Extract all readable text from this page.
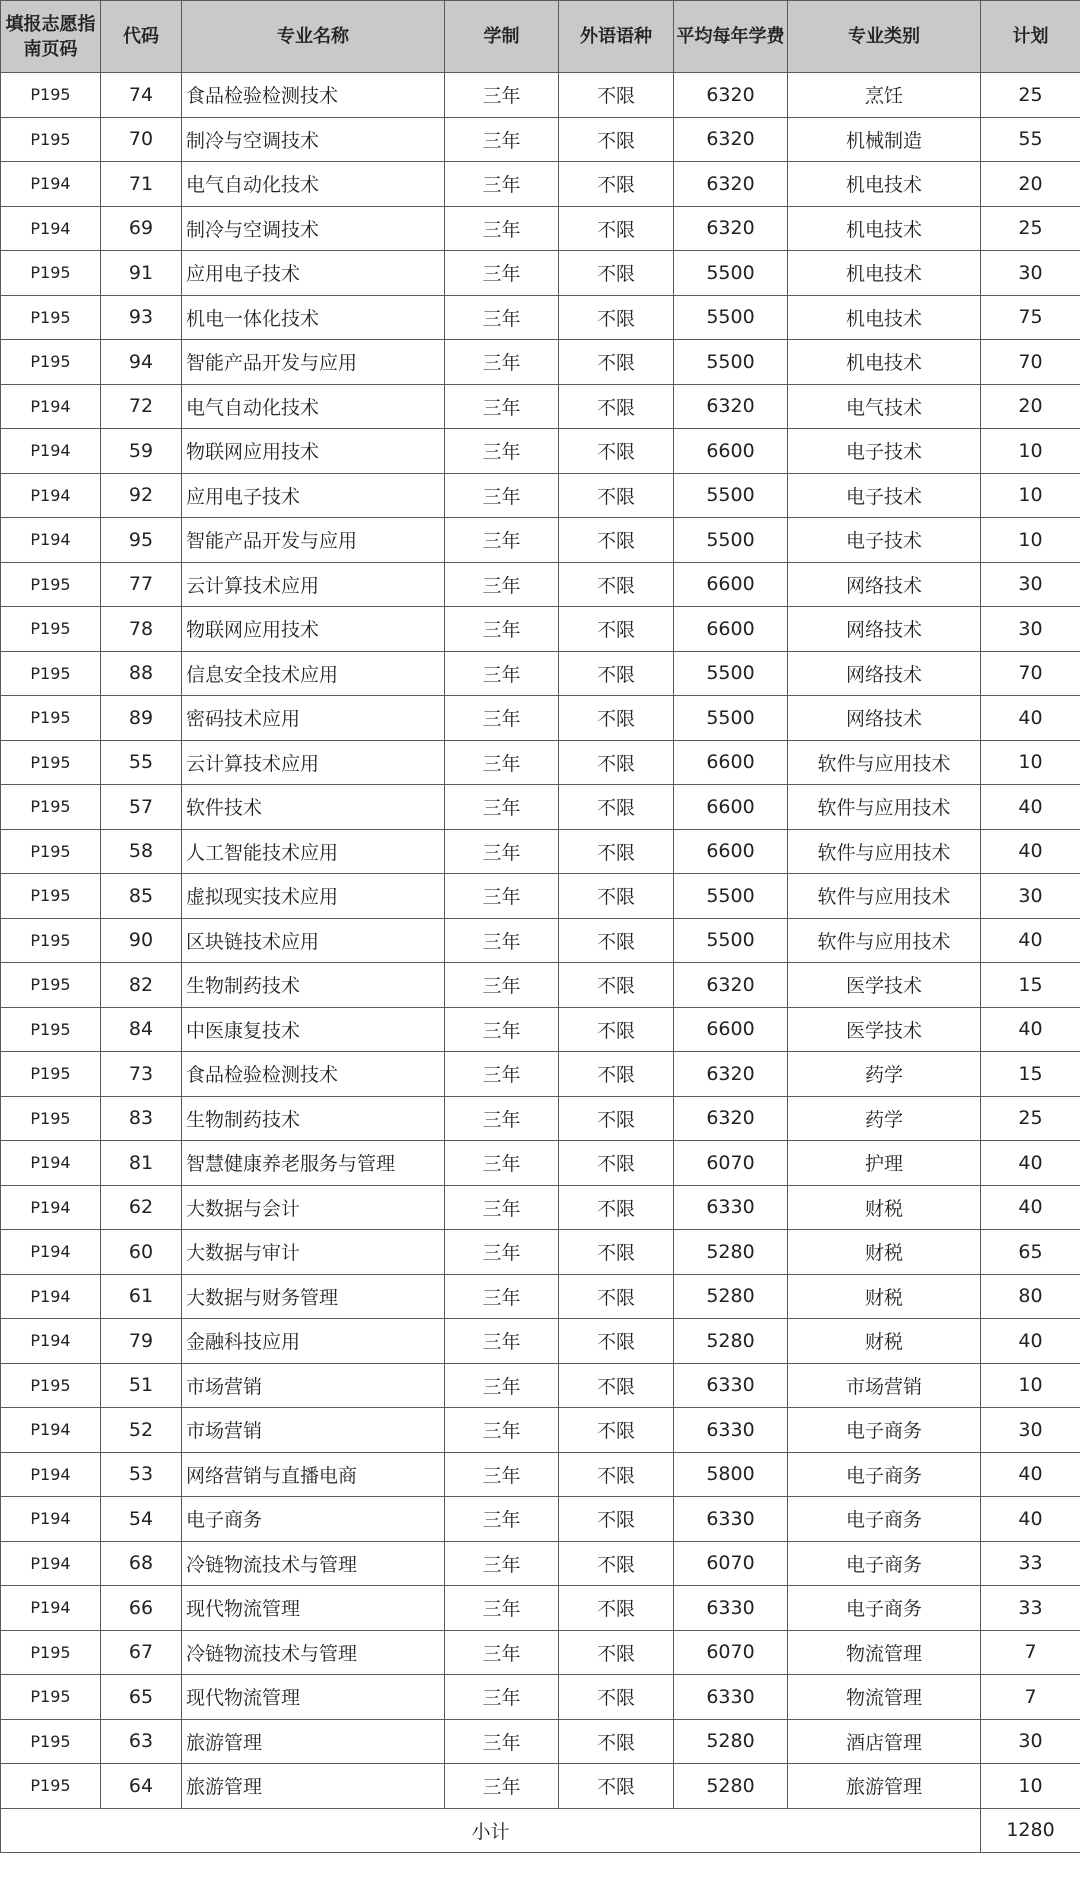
填报志愿指南页码	代码	专业名称	学制	外语语种	平均每年学费	专业类别	计划
P195	74	食品检验检测技术	三年	不限	6320	烹饪	25
P195	70	制冷与空调技术	三年	不限	6320	机械制造	55
P194	71	电气自动化技术	三年	不限	6320	机电技术	20
P194	69	制冷与空调技术	三年	不限	6320	机电技术	25
P195	91	应用电子技术	三年	不限	5500	机电技术	30
P195	93	机电一体化技术	三年	不限	5500	机电技术	75
P195	94	智能产品开发与应用	三年	不限	5500	机电技术	70
P194	72	电气自动化技术	三年	不限	6320	电气技术	20
P194	59	物联网应用技术	三年	不限	6600	电子技术	10
P194	92	应用电子技术	三年	不限	5500	电子技术	10
P194	95	智能产品开发与应用	三年	不限	5500	电子技术	10
P195	77	云计算技术应用	三年	不限	6600	网络技术	30
P195	78	物联网应用技术	三年	不限	6600	网络技术	30
P195	88	信息安全技术应用	三年	不限	5500	网络技术	70
P195	89	密码技术应用	三年	不限	5500	网络技术	40
P195	55	云计算技术应用	三年	不限	6600	软件与应用技术	10
P195	57	软件技术	三年	不限	6600	软件与应用技术	40
P195	58	人工智能技术应用	三年	不限	6600	软件与应用技术	40
P195	85	虚拟现实技术应用	三年	不限	5500	软件与应用技术	30
P195	90	区块链技术应用	三年	不限	5500	软件与应用技术	40
P195	82	生物制药技术	三年	不限	6320	医学技术	15
P195	84	中医康复技术	三年	不限	6600	医学技术	40
P195	73	食品检验检测技术	三年	不限	6320	药学	15
P195	83	生物制药技术	三年	不限	6320	药学	25
P194	81	智慧健康养老服务与管理	三年	不限	6070	护理	40
P194	62	大数据与会计	三年	不限	6330	财税	40
P194	60	大数据与审计	三年	不限	5280	财税	65
P194	61	大数据与财务管理	三年	不限	5280	财税	80
P194	79	金融科技应用	三年	不限	5280	财税	40
P195	51	市场营销	三年	不限	6330	市场营销	10
P194	52	市场营销	三年	不限	6330	电子商务	30
P194	53	网络营销与直播电商	三年	不限	5800	电子商务	40
P194	54	电子商务	三年	不限	6330	电子商务	40
P194	68	冷链物流技术与管理	三年	不限	6070	电子商务	33
P194	66	现代物流管理	三年	不限	6330	电子商务	33
P195	67	冷链物流技术与管理	三年	不限	6070	物流管理	7
P195	65	现代物流管理	三年	不限	6330	物流管理	7
P195	63	旅游管理	三年	不限	5280	酒店管理	30
P195	64	旅游管理	三年	不限	5280	旅游管理	10
小计							1280
